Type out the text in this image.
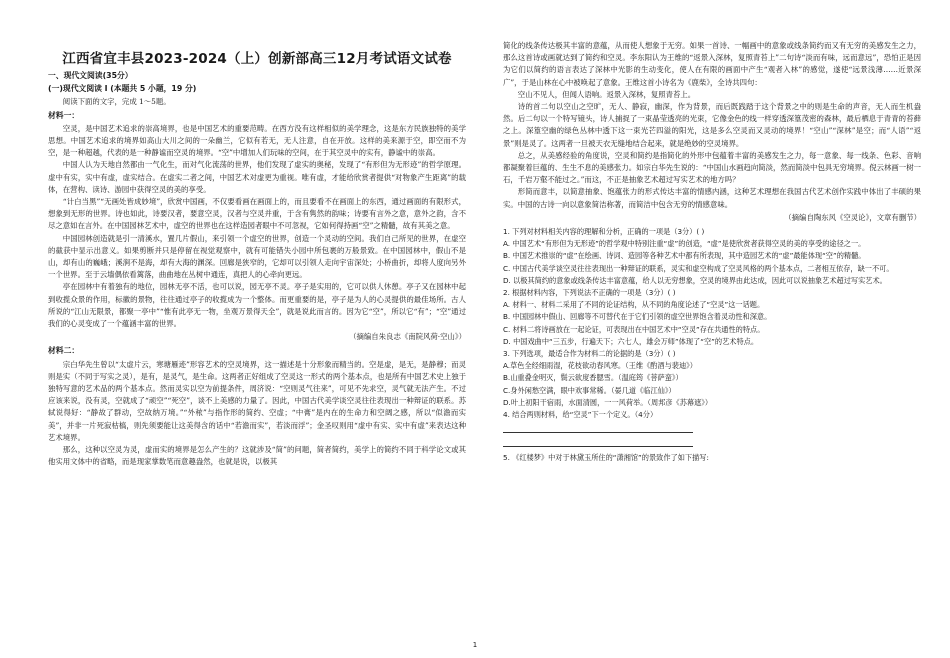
江西省宜丰县2023-2024（上）创新部高三12月考试语文试卷
一、现代文阅读(35分）
(一)现代文阅读 I (本题共 5 小题，19 分)

阅读下面的文字，完成 1～5题。

材料一：

空灵，是中国艺术追求的崇高境界，也是中国艺术的重要范畴。在西方没有这样相似的美学理念，这是东方民族独特的美学思想。中国艺术追求的境界如高山大川之间的一朵幽兰，它似有若无，无人注意，自在开放。这样的美来源于空，即空而不为空，是一种超越，代表的是一种静谧而空灵的境界。“空”中增加人们玩味的空间，在于其空灵中的实有，静谧中的崇高。

中国人认为天地自然都由一气化生，而对气化流荡的世界，他们发现了虚实的奥秘，发现了“有形但为无形迹”的哲学原理。虚中有实，实中有虚，虚实结合。在虚实二者之间，中国艺术对虚更为重视。唯有虚，才能给欣赏者提供“对物象产生距离”的载体，在营构、读诗、游园中获得空灵的美的享受。

“计白当黑”“无画处皆成妙境”，欣赏中国画，不仅要看画在画面上的，而且要看不在画面上的东西，通过画面的有限形式，想象到无形的世界。诗也如此，诗要汉者，要意空灵，汉者与空灵并重，于含有隽然的韵味；诗要有言外之意，意外之韵，含不尽之意如在言外。在中国园林艺术中，虚空的世界也在这样造园者眼中不可忽视，它如何得持画“空”之精髓，故有其美之意。

中国园林创造就是引一清溪水，置几片假山，来引领一个虚空的世界，创造一个灵动的空间。我们自己所见的世界，在虚空的截获中显示出意义。如果剪断并只是停留在视觉观察中，就有可能错失小园中所包裹的万般景致。在中国园林中，假山不是山，却有山的巍峨；溪涧不是海，却有大海的渊深。回廊是狭窄的，它却可以引领人走向宇宙深处；小桥曲折，却将人度向另外一个世界。至于云墙偶依看篱落，曲曲地在丛树中通连，真把人的心牵向更远。

亭在园林中有着独有的地位，园林无亭不活，也可以说，园无亭不灵。亭子是实用的，它可以供人休憩。亭子又在园林中起到收揽众景的作用，标徽的景物，往往通过亭子的收揽成为一个整体。而更重要的是，亭子是为人的心灵提供的最佳场所。古人所说的“江山无限景，都聚一亭中”“惟有此亭无一物，坐观万景得天全”，就是说此而言的。因为它“空”，所以它“有”；“空”通过我们的心灵变成了一个蕴涵丰富的世界。

（摘编自朱良志《南院风荷·空山》）
材料二：

宗白华先生曾以“太虚片云，寒塘雁迹”形容艺术的空灵境界，这一描述是十分形象而精当的。空是虚，是无，是静穆；而灵则是实（不同于写实之灵），是有，是灵气，是生命。这两者正好组成了空灵这一形式的两个基本点，也是所有中国艺术史上独于独特写意的艺术品的两个基本点。然而灵实以空为前提条件，周济说：“空则灵气往来”，可见不先求空，灵气就无法产生。不过应该来说，没有灵，空就成了“顽空”“死空”，谈不上美感的力量了。因此，中国古代美学谈空灵往往表现出一种辩证的联系。苏轼说得好：“静故了群动，空故纳万境。”“外秾”与指作形的简约、空虚；“中膏”是内在的生命力和空阔之感，所以“似澹而实美”，并非一片死寂枯槁，则先须要能让这美得含的话中“若澹而实”，若淡而浮”；金圣叹则用“虚中有实、实中有虚”来表达这种艺术境界。

那么，这种以空灵为灵，虚而实的境界是怎么产生的？这就涉及“简”的问题，简者简约，美学上的简约不同于科学论文或其他实用文体中的省略，而是现家掌数笔而意趣盎然，也就是说，以极其

简化的线条传达极其丰富的意蕴，从而使人想象于无穷。如果一首诗、一幅画中的意象或线条简约而又有无穷的美感发生之力，那么这首诗或画就达到了简约和空灵。李东阳认为王维的“返景入深林，复照青苔上”二句诗“淡而有味，远而意远”，恐怕正是因为它们以简约的语言表达了深林中光影的生动变化，使人在有限的画面中产生“观者入林”的感觉，遂使“远景浅薄……近景深广”，于是山林在心中被唤起了意象。王维这首小诗名为《鹿柴》，全诗共四句：

空山不见人，但闻人语响。返景入深林，复照青苔上。

诗的首二句以空山之空旷，无人、静寂，幽深，作为背景，而后既践踏于这个背景之中的则是生命的声音，无人而生机盎然。后二句以一个特写镜头，诗人捕捉了一束晶莹透亮的光束，它像金色的线一样穿透深篁茂密的森林，最后栖息于青青的苔藓之上。深篁空幽的绿色丛林中透下这一束光芒四溢的阳光，这是多么空灵而又灵动的境界！“空山”“深林”是空；而“人语”“返景”则是灵了。这两者一旦被天衣无缝地结合起来，就是绝妙的空灵境界。

总之，从美感经验的角度说，空灵和简约是指简化的外形中包蕴着丰富的美感发生之力，每一意象、每一线条、色彩、音响都凝聚着巨蕴的、生生不息的美感张力。如宗白华先生说的：“中国山水画趋向简淡，然而简淡中包具无穷境界。倪云林画一树一石，千岩万壑不能过之。”而这，不正是抽象艺术超过写实艺术的地方吗？

形简而意丰，以简意抽象、饱蕴张力的形式传达丰富的情感内涵，这种艺术理想在我国古代艺术创作实践中体出了丰硕的果实。中国的古诗一向以意象简洁称著，而简洁中包含无穷的情感意味。

（摘编自陶东风《空灵论》，文章有删节）
1. 下列对材料相关内容的理解和分析，正确的一项是（3分）( )
A. 中国艺术“有形但为无形迹”的哲学观中特别注重“虚”的创造，“虚”是使欣赏者获得空灵的美的享受的途径之一。
B. 中国艺术推崇的“虚”在绘画、诗词、造园等各种艺术中都有所表现，其中造园艺术的“虚”最能体现“空”的精髓。
C. 中国古代美学谈空灵往往表现出一种辩证的联系，灵实和虚空构成了空灵风格的两个基本点，二者相互依存，缺一不可。
D. 以极其简约的意象或线条传达丰富意蕴，给人以无穷想象，空灵的境界由此达成，因此可以说抽象艺术超过写实艺术。
2. 根据材料内容，下列说法不正确的一项是（3分）( )
A. 材料一、材料二采用了不同的论证结构，从不同的角度论述了“空灵”这一话题。
B. 中国园林中假山、回廊等不可替代在于它们引领的虚空世界饱含着灵动性和深意。
C. 材料二将诗画放在一起论证，可表现出在中国艺术中“空灵”存在共通性的特点。
D. 中国戏曲中“三五步，行遍天下；六七人，雄会万师”体现了“空”的艺术特点。
3. 下列选项，最适合作为材料二的论据的是（3分）( )
A.草色全经细雨湿，花枝欲动春风寒。（王维《酌酒与裴迪》）
B.山重叠金明灭，鬓云欲度香腮雪。（温庭筠《菩萨蛮》）
C.身外闲愁空满，眼中欢事常稀。（晏几道《临江仙》）
D.叶上初阳干宿雨，水面清圆，一一风荷举。（周邦彦《苏幕遮》）
4. 结合两则材料，给“空灵”下一个定义。（4分）
5. 《红楼梦》中对于林黛玉所住的“潇湘馆”的景致作了如下描写:
1
